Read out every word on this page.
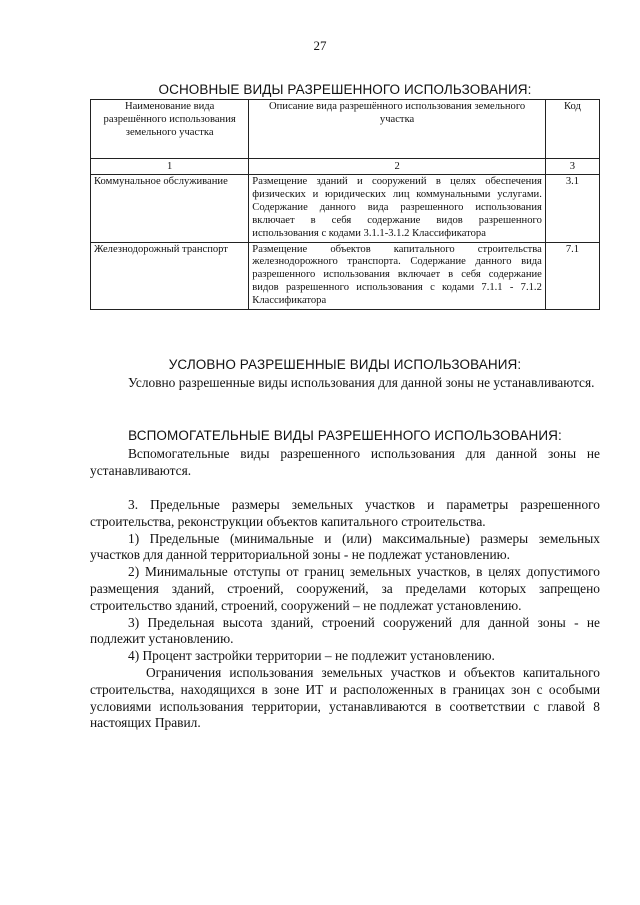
27
ОСНОВНЫЕ ВИДЫ РАЗРЕШЕННОГО ИСПОЛЬЗОВАНИЯ:
Наименование вида разрешённого использования земельного участка	Описание вида разрешённого использования земельного участка	Код
1	2	3
Коммунальное обслуживание	Размещение зданий и сооружений в целях обеспечения физических и юридических лиц коммунальными услугами. Содержание данного вида разрешенного использования включает в себя содержание видов разрешенного использования с кодами 3.1.1-3.1.2 Классификатора	3.1
Железнодорожный транспорт	Размещение объектов капитального строительства железнодорожного транспорта. Содержание данного вида разрешенного использования включает в себя содержание видов разрешенного использования с кодами 7.1.1 - 7.1.2 Классификатора	7.1
УСЛОВНО РАЗРЕШЕННЫЕ ВИДЫ ИСПОЛЬЗОВАНИЯ:
Условно разрешенные виды использования для данной зоны не устанавливаются.
ВСПОМОГАТЕЛЬНЫЕ ВИДЫ РАЗРЕШЕННОГО ИСПОЛЬЗОВАНИЯ:
Вспомогательные виды разрешенного использования для данной зоны не устанавливаются.

3. Предельные размеры земельных участков и параметры разрешенного строительства, реконструкции объектов капитального строительства.

1) Предельные (минимальные и (или) максимальные) размеры земельных участков для данной территориальной зоны - не подлежат установлению.

2) Минимальные отступы от границ земельных участков, в целях допустимого размещения зданий, строений, сооружений, за пределами которых запрещено строительство зданий, строений, сооружений – не подлежат установлению.

3) Предельная высота зданий, строений сооружений для данной зоны - не подлежит установлению.

4) Процент застройки территории – не подлежит установлению.

Ограничения использования земельных участков и объектов капитального строительства, находящихся в зоне ИТ и расположенных в границах зон с особыми условиями использования территории, устанавливаются в соответствии с главой 8 настоящих Правил.
